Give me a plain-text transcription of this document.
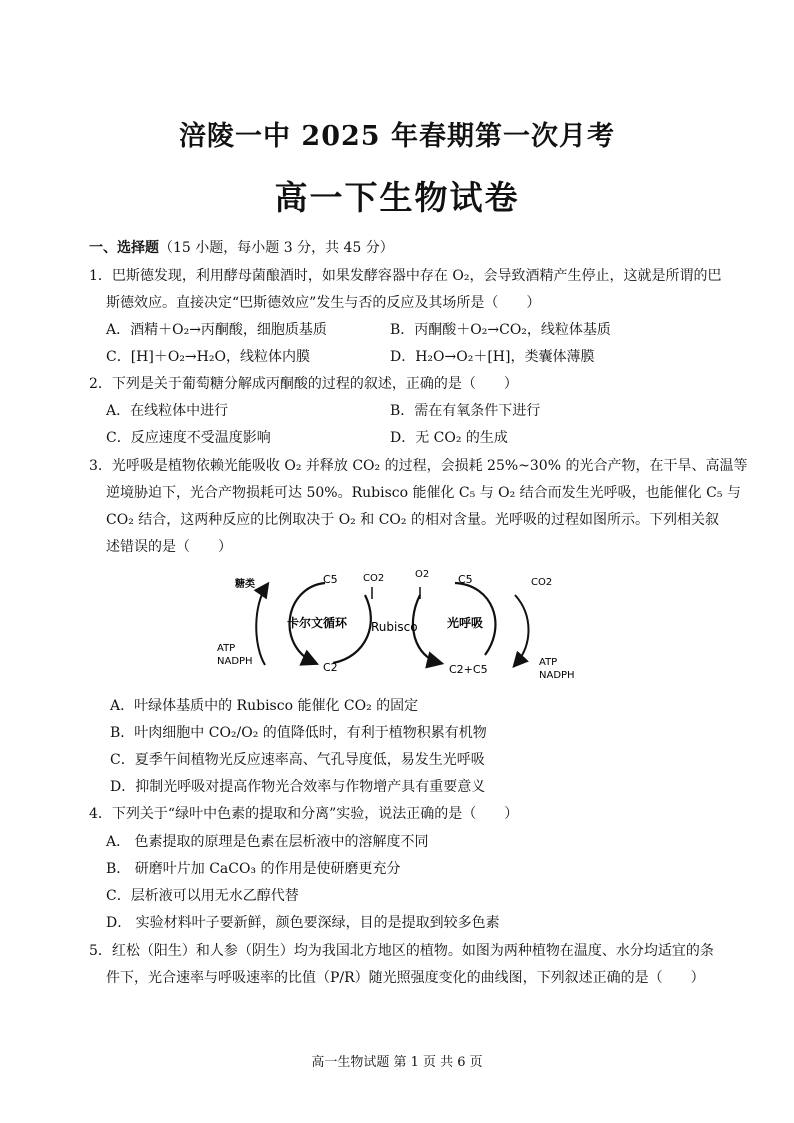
涪陵一中 2025 年春期第一次月考
高一下生物试卷
一、选择题（15 小题，每小题 3 分，共 45 分）
1．巴斯德发现，利用酵母菌酿酒时，如果发酵容器中存在 O₂，会导致酒精产生停止，这就是所谓的巴
斯德效应。直接决定“巴斯德效应”发生与否的反应及其场所是（　　）
A．酒精＋O₂→丙酮酸，细胞质基质	B．丙酮酸＋O₂→CO₂，线粒体基质
C．[H]＋O₂→H₂O，线粒体内膜	D．H₂O→O₂＋[H]，类囊体薄膜
2．下列是关于葡萄糖分解成丙酮酸的过程的叙述，正确的是（　　）
A．在线粒体中进行	B．需在有氧条件下进行
C．反应速度不受温度影响	D．无 CO₂ 的生成
3．光呼吸是植物依赖光能吸收 O₂ 并释放 CO₂ 的过程，会损耗 25%~30% 的光合产物，在干旱、高温等
逆境胁迫下，光合产物损耗可达 50%。Rubisco 能催化 C₅ 与 O₂ 结合而发生光呼吸，也能催化 C₅ 与
CO₂ 结合，这两种反应的比例取决于 O₂ 和 CO₂ 的相对含量。光呼吸的过程如图所示。下列相关叙
述错误的是（　　）
糖类
ATP
NADPH
C5	CO2	O2	C5	CO2
卡尔文循环 Rubisco 光呼吸
C2	C2+C5
ATP
NADPH
A．叶绿体基质中的 Rubisco 能催化 CO₂ 的固定
B．叶肉细胞中 CO₂/O₂ 的值降低时，有利于植物积累有机物
C．夏季午间植物光反应速率高、气孔导度低，易发生光呼吸
D．抑制光呼吸对提高作物光合效率与作物增产具有重要意义
4．下列关于“绿叶中色素的提取和分离”实验，说法正确的是（　　）
A． 色素提取的原理是色素在层析液中的溶解度不同
B． 研磨叶片加 CaCO₃ 的作用是使研磨更充分
C．层析液可以用无水乙醇代替
D． 实验材料叶子要新鲜，颜色要深绿，目的是提取到较多色素
5．红松（阳生）和人参（阴生）均为我国北方地区的植物。如图为两种植物在温度、水分均适宜的条
件下，光合速率与呼吸速率的比值（P/R）随光照强度变化的曲线图，下列叙述正确的是（　　）
高一生物试题 第 1 页 共 6 页
